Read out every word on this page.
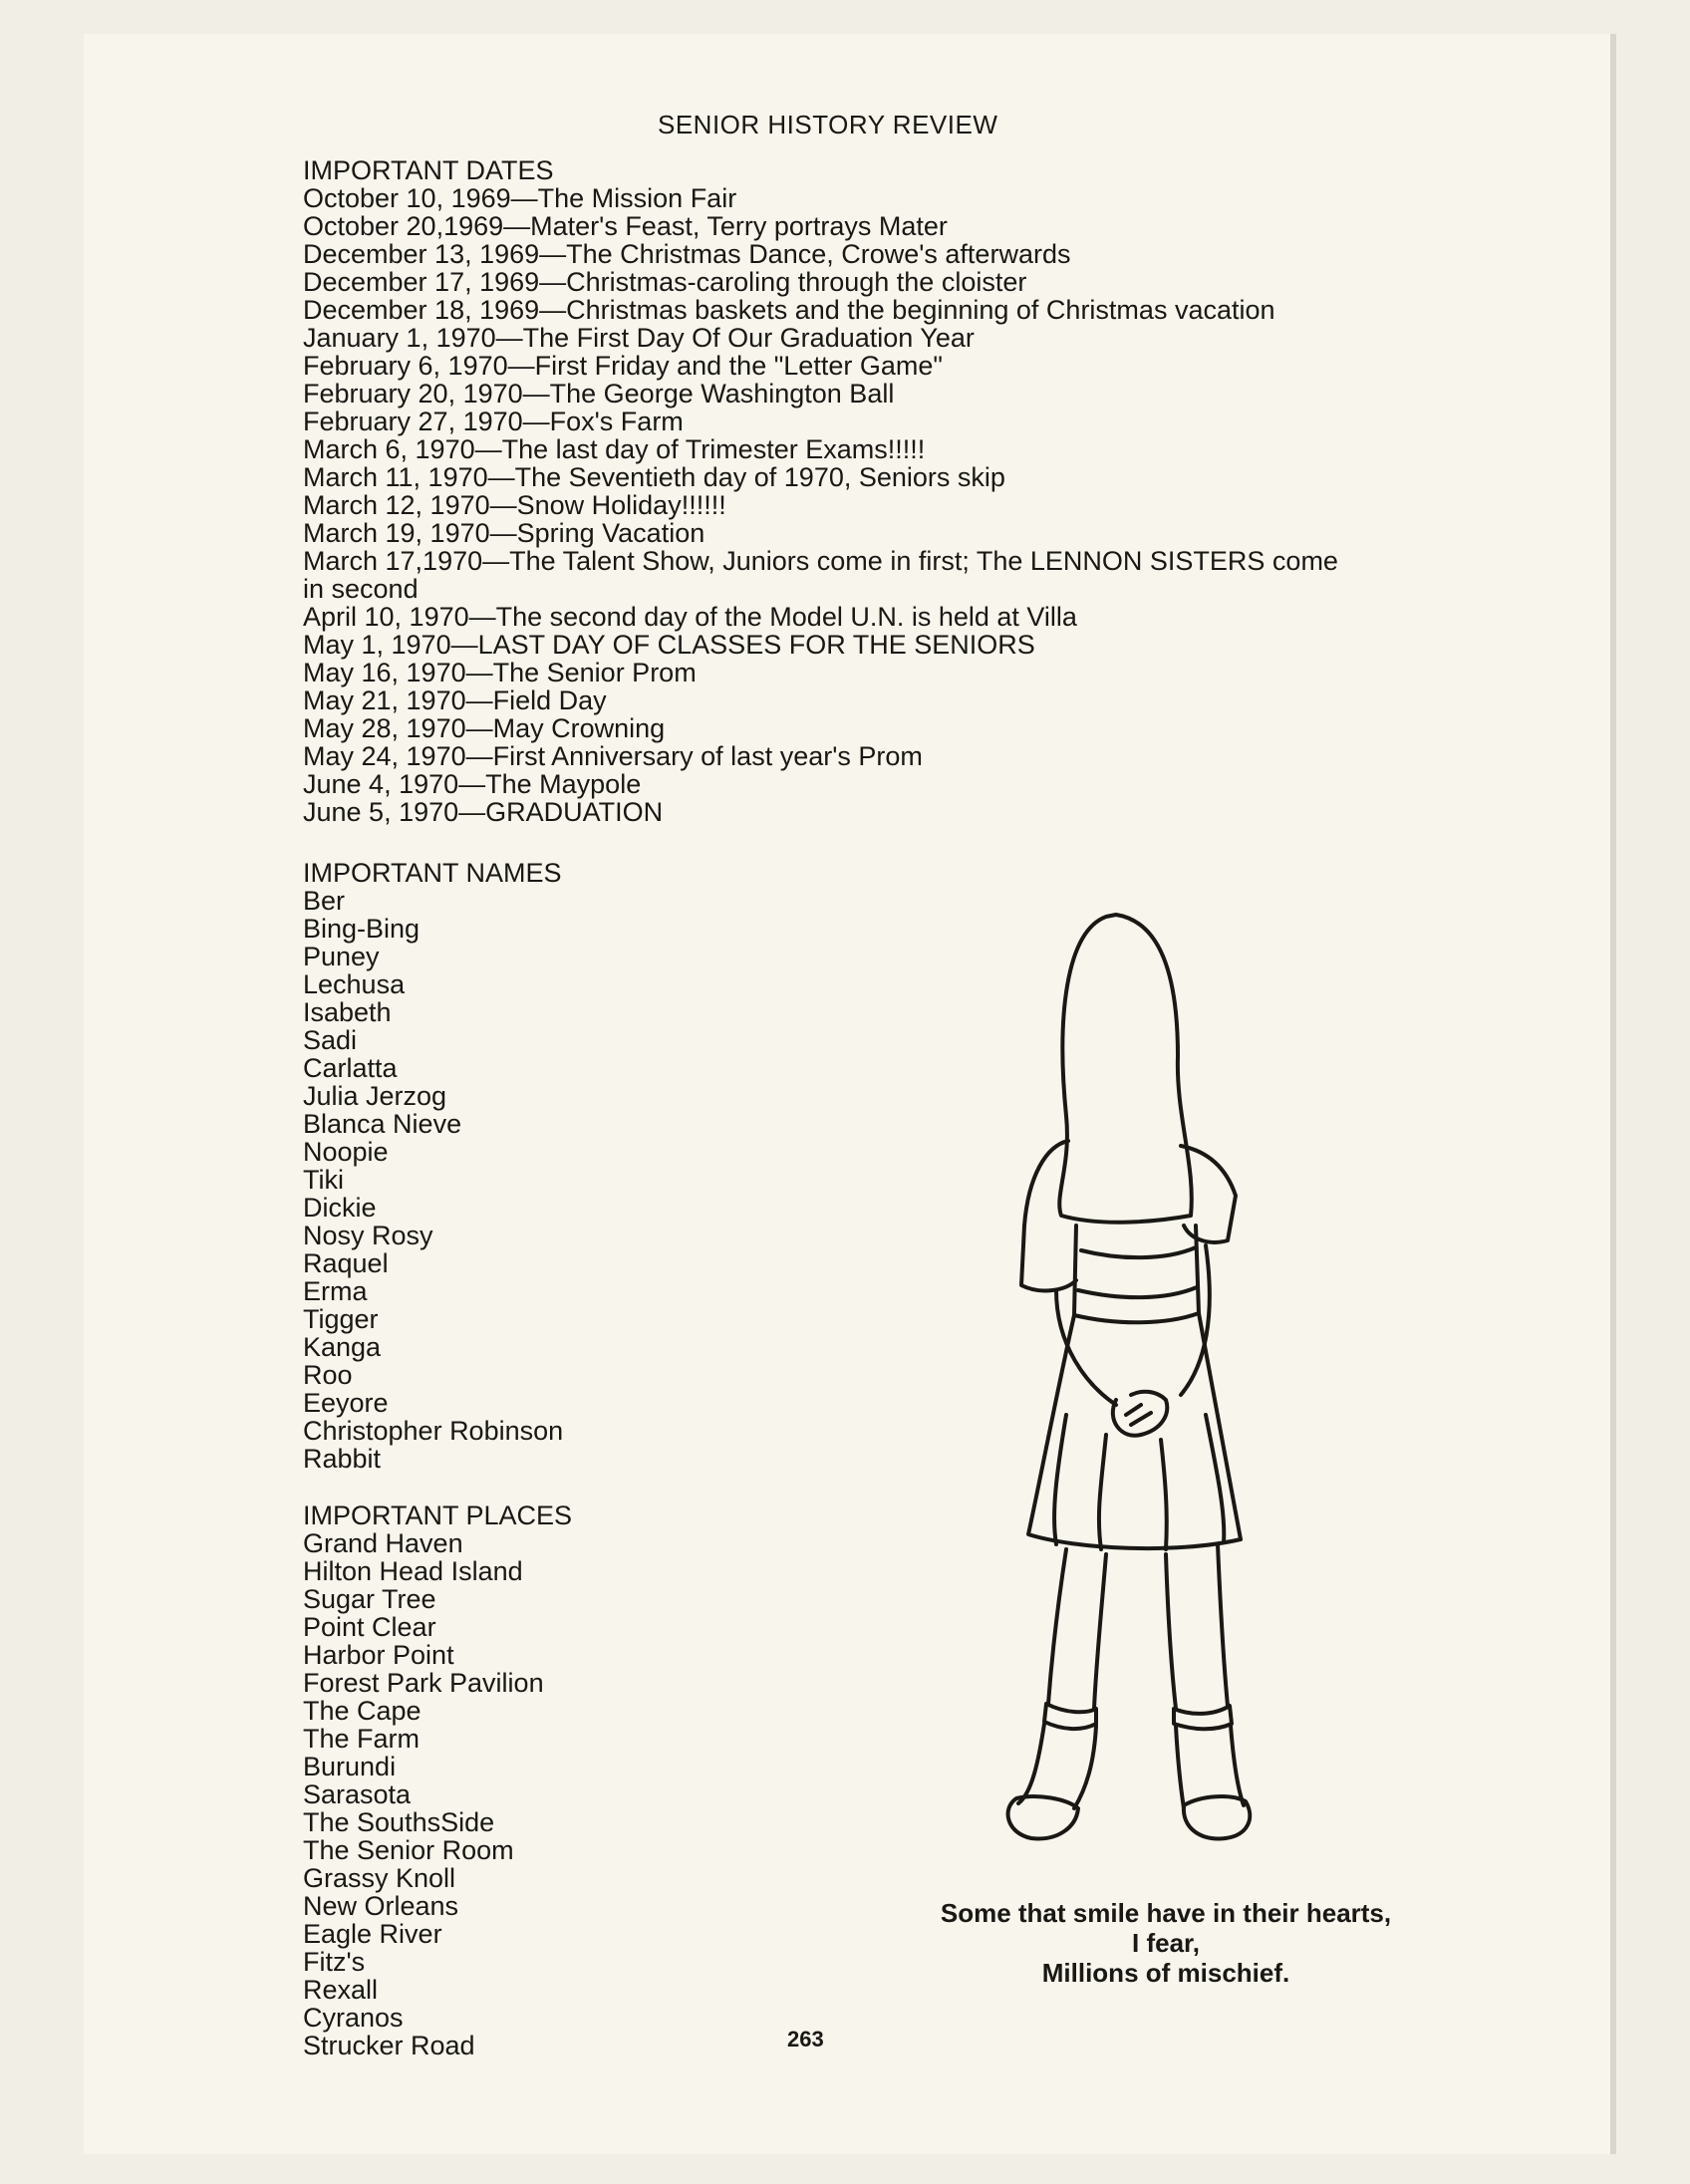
SENIOR HISTORY REVIEW
IMPORTANT DATES
October 10, 1969—The Mission Fair
October 20,1969—Mater's Feast, Terry portrays Mater
December 13, 1969—The Christmas Dance, Crowe's afterwards
December 17, 1969—Christmas-caroling through the cloister
December 18, 1969—Christmas baskets and the beginning of Christmas vacation
January 1, 1970—The First Day Of Our Graduation Year
February 6, 1970—First Friday and the "Letter Game"
February 20, 1970—The George Washington Ball
February 27, 1970—Fox's Farm
March 6, 1970—The last day of Trimester Exams!!!!!
March 11, 1970—The Seventieth day of 1970, Seniors skip
March 12, 1970—Snow Holiday!!!!!!
March 19, 1970—Spring Vacation
March 17,1970—The Talent Show, Juniors come in first; The LENNON SISTERS come
in second
April 10, 1970—The second day of the Model U.N. is held at Villa
May 1, 1970—LAST DAY OF CLASSES FOR THE SENIORS
May 16, 1970—The Senior Prom
May 21, 1970—Field Day
May 28, 1970—May Crowning
May 24, 1970—First Anniversary of last year's Prom
June 4, 1970—The Maypole
June 5, 1970—GRADUATION
IMPORTANT NAMES
Ber
Bing-Bing
Puney
Lechusa
Isabeth
Sadi
Carlatta
Julia Jerzog
Blanca Nieve
Noopie
Tiki
Dickie
Nosy Rosy
Raquel
Erma
Tigger
Kanga
Roo
Eeyore
Christopher Robinson
Rabbit
IMPORTANT PLACES
Grand Haven
Hilton Head Island
Sugar Tree
Point Clear
Harbor Point
Forest Park Pavilion
The Cape
The Farm
Burundi
Sarasota
The SouthsSide
The Senior Room
Grassy Knoll
New Orleans
Eagle River
Fitz's
Rexall
Cyranos
Strucker Road
Some that smile have in their hearts,
I fear,
Millions of mischief.
263
